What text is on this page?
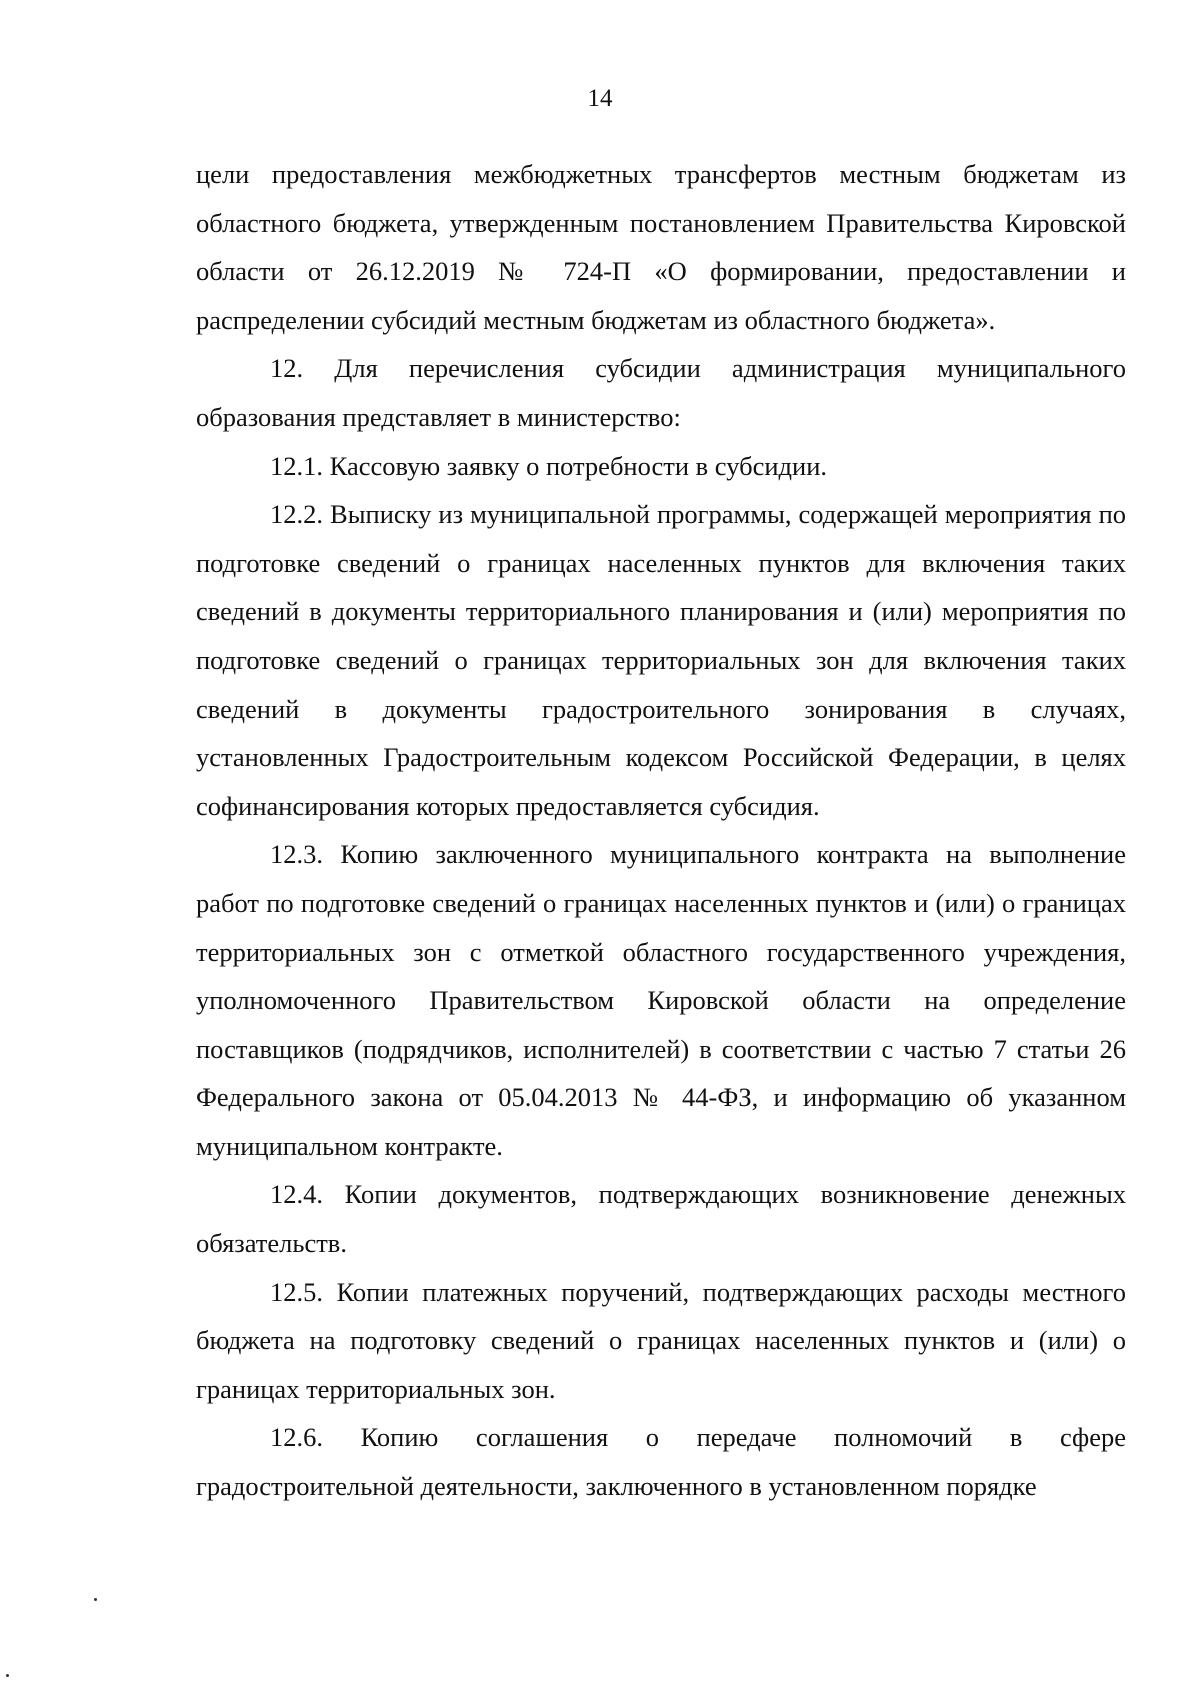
14

цели предоставления межбюджетных трансфертов местным бюджетам из областного бюджета, утвержденным постановлением Правительства Кировской области от 26.12.2019 № 724-П «О формировании, предоставлении и распределении субсидий местным бюджетам из областного бюджета».

12. Для перечисления субсидии администрация муниципального образования представляет в министерство:

12.1. Кассовую заявку о потребности в субсидии.

12.2. Выписку из муниципальной программы, содержащей мероприятия по подготовке сведений о границах населенных пунктов для включения таких сведений в документы территориального планирования и (или) мероприятия по подготовке сведений о границах территориальных зон для включения таких сведений в документы градостроительного зонирования в случаях, установленных Градостроительным кодексом Российской Федерации, в целях софинансирования которых предоставляется субсидия.

12.3. Копию заключенного муниципального контракта на выполнение работ по подготовке сведений о границах населенных пунктов и (или) о границах территориальных зон с отметкой областного государственного учреждения, уполномоченного Правительством Кировской области на определение поставщиков (подрядчиков, исполнителей) в соответствии с частью 7 статьи 26 Федерального закона от 05.04.2013 № 44-ФЗ, и информацию об указанном муниципальном контракте.

12.4. Копии документов, подтверждающих возникновение денежных обязательств.

12.5. Копии платежных поручений, подтверждающих расходы местного бюджета на подготовку сведений о границах населенных пунктов и (или) о границах территориальных зон.

12.6. Копию соглашения о передаче полномочий в сфере градостроительной деятельности, заключенного в установленном порядке
